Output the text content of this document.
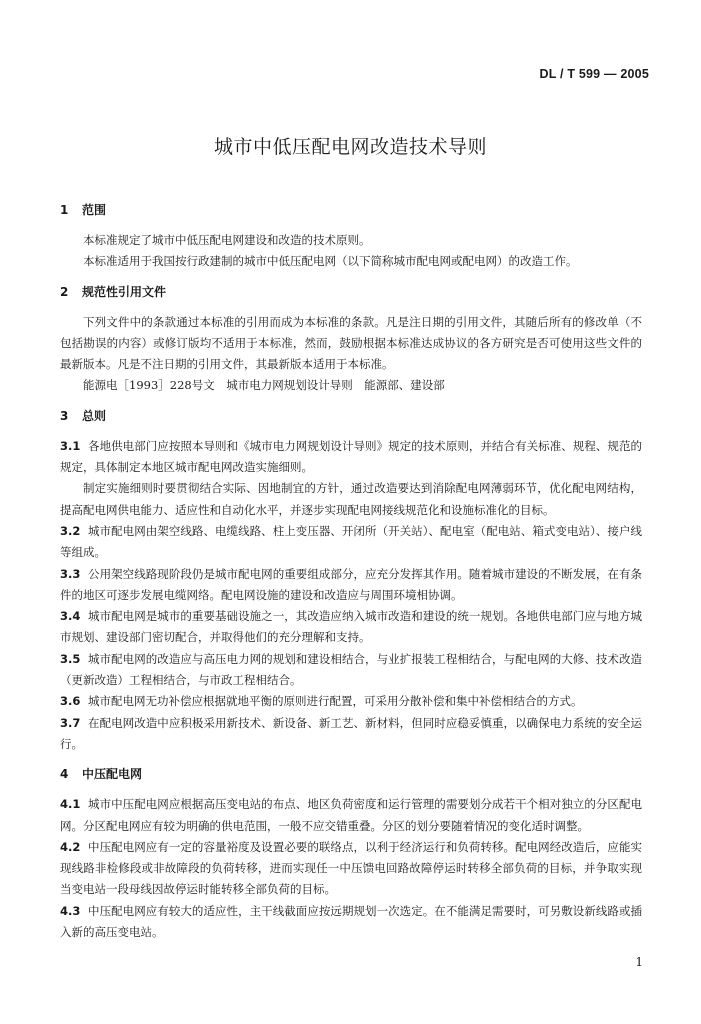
DL / T 599 — 2005
城市中低压配电网改造技术导则
1 范围

本标准规定了城市中低压配电网建设和改造的技术原则。

本标准适用于我国按行政建制的城市中低压配电网（以下简称城市配电网或配电网）的改造工作。

2 规范性引用文件

下列文件中的条款通过本标准的引用而成为本标准的条款。凡是注日期的引用文件，其随后所有的修改单（不包括勘误的内容）或修订版均不适用于本标准，然而，鼓励根据本标准达成协议的各方研究是否可使用这些文件的最新版本。凡是不注日期的引用文件，其最新版本适用于本标准。

能源电［1993］228号文　城市电力网规划设计导则　能源部、建设部

3 总则

3.1 各地供电部门应按照本导则和《城市电力网规划设计导则》规定的技术原则，并结合有关标准、规程、规范的规定，具体制定本地区城市配电网改造实施细则。

制定实施细则时要贯彻结合实际、因地制宜的方针，通过改造要达到消除配电网薄弱环节，优化配电网结构，提高配电网供电能力、适应性和自动化水平，并逐步实现配电网接线规范化和设施标准化的目标。

3.2 城市配电网由架空线路、电缆线路、柱上变压器、开闭所（开关站）、配电室（配电站、箱式变电站）、接户线等组成。

3.3 公用架空线路现阶段仍是城市配电网的重要组成部分，应充分发挥其作用。随着城市建设的不断发展，在有条件的地区可逐步发展电缆网络。配电网设施的建设和改造应与周围环境相协调。

3.4 城市配电网是城市的重要基础设施之一，其改造应纳入城市改造和建设的统一规划。各地供电部门应与地方城市规划、建设部门密切配合，并取得他们的充分理解和支持。

3.5 城市配电网的改造应与高压电力网的规划和建设相结合，与业扩报装工程相结合，与配电网的大修、技术改造（更新改造）工程相结合，与市政工程相结合。

3.6 城市配电网无功补偿应根据就地平衡的原则进行配置，可采用分散补偿和集中补偿相结合的方式。

3.7 在配电网改造中应积极采用新技术、新设备、新工艺、新材料，但同时应稳妥慎重，以确保电力系统的安全运行。

4 中压配电网

4.1 城市中压配电网应根据高压变电站的布点、地区负荷密度和运行管理的需要划分成若干个相对独立的分区配电网。分区配电网应有较为明确的供电范围，一般不应交错重叠。分区的划分要随着情况的变化适时调整。

4.2 中压配电网应有一定的容量裕度及设置必要的联络点，以利于经济运行和负荷转移。配电网经改造后，应能实现线路非检修段或非故障段的负荷转移，进而实现任一中压馈电回路故障停运时转移全部负荷的目标，并争取实现当变电站一段母线因故停运时能转移全部负荷的目标。

4.3 中压配电网应有较大的适应性，主干线截面应按远期规划一次选定。在不能满足需要时，可另敷设新线路或插入新的高压变电站。

1
